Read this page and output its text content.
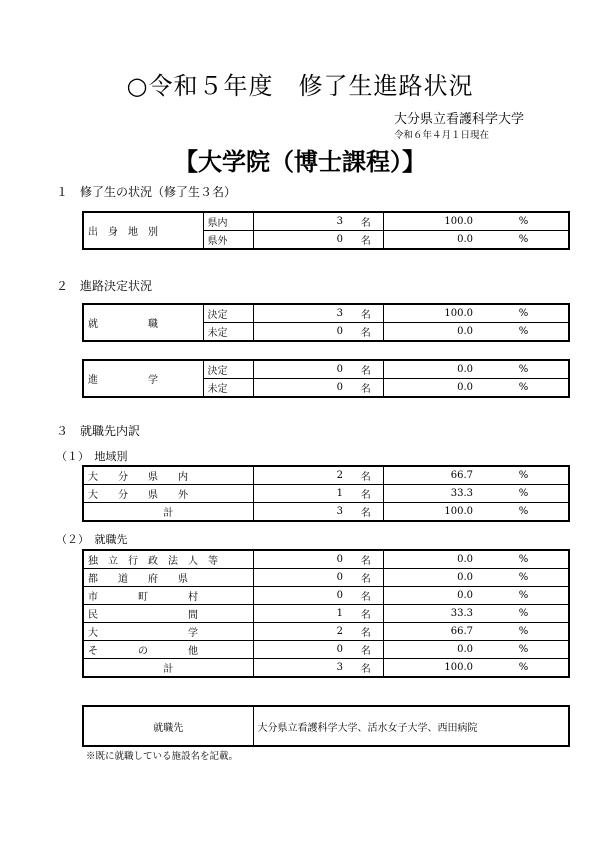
○令和５年度　修了生進路状況
大分県立看護科学大学
令和６年４月１日現在
【大学院（博士課程）】
１　修了生の状況（修了生３名）
出　身　地　別	県内	3	名	100.0	%
	県外	0	名	0.0	%
２　進路決定状況
就　　　　　職	決定	3	名	100.0	%
	未定	0	名	0.0	%
進　　　　　学	決定	0	名	0.0	%
	未定	0	名	0.0	%
３　就職先内訳
（１）　地域別
大　　分　　県　　内	2	名	66.7	%
大　　分　　県　　外	1	名	33.3	%
計	3	名	100.0	%
（２）　就職先
独　立　行　政　法　人　等	0	名	0.0	%
都　　道　　府　　県	0	名	0.0	%
市　　　　町　　　　村	0	名	0.0	%
民　　　　　　　　　間	1	名	33.3	%
大　　　　　　　　　学	2	名	66.7	%
そ　　　　の　　　　他	0	名	0.0	%
計	3	名	100.0	%
就職先	大分県立看護科学大学、活水女子大学、西田病院
※既に就職している施設名を記載。
